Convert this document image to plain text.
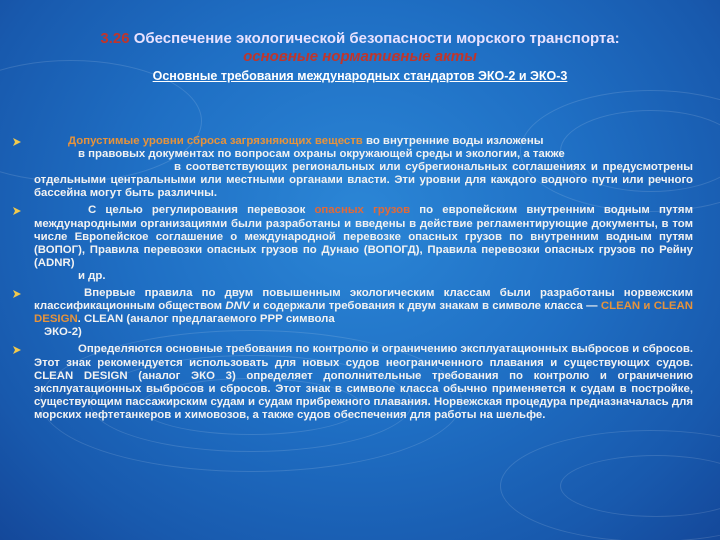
3.26 Обеспечение экологической безопасности морского транспорта:
основные нормативные акты
Основные требования международных стандартов ЭКО-2 и ЭКО-3

Допустимые уровни сброса загрязняющих веществ во внутренние воды изложены
в правовых документах по вопросам охраны окружающей среды и экологии, а также
в соответствующих региональных или субрегиональных соглашениях и предусмотрены отдельными центральными или местными органами власти. Эти уровни для каждого водного пути или речного бассейна могут быть различны.

С целью регулирования перевозок опасных грузов по европейским внутренним водным путям международными организациями были разработаны и введены в действие регламентирующие документы, в том числе Европейское соглашение о международной перевозке опасных грузов по внутренним водным путям (ВОПОГ), Правила перевозки опасных грузов по Дунаю (ВОПОГД), Правила перевозки опасных грузов по Рейну (ADNR)
и др.

Впервые правила по двум повышенным экологическим классам были разработаны норвежским классификационным обществом DNV и содержали требования к двум знакам в символе класса — CLEAN и CLEAN DESIGN. CLEAN (аналог предлагаемого РРР символа
ЭКО-2)

Определяются основные требования по контролю и ограничению эксплуатационных выбросов и сбросов. Этот знак рекомендуется использовать для новых судов неограниченного плавания и существующих судов. CLEAN DESIGN (аналог ЭКО 3) определяет дополнительные требования по контролю и ограничению эксплуатационных выбросов и сбросов. Этот знак в символе класса обычно применяется к судам в постройке, существующим пассажирским судам и судам прибрежного плавания. Норвежская процедура предназначалась для морских нефтетанкеров и химовозов, а также судов обеспечения для работы на шельфе.
